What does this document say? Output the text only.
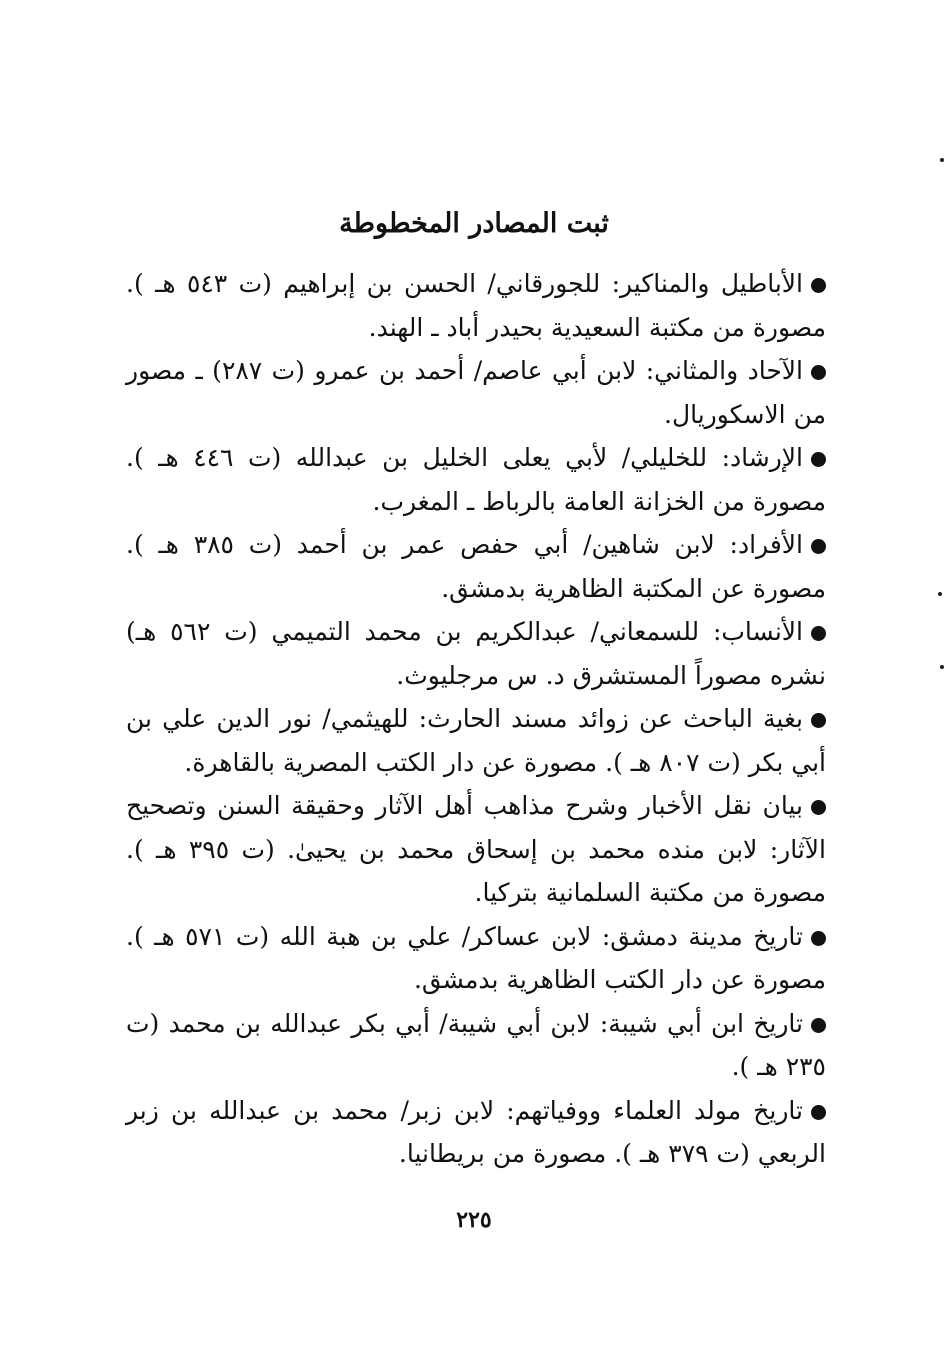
ثبت المصادر المخطوطة
الأباطيل والمناكير: للجورقاني/ الحسن بن إبراهيم (ت ٥٤٣ هـ ). مصورة من مكتبة السعيدية بحيدر أباد ـ الهند.
الآحاد والمثاني: لابن أبي عاصم/ أحمد بن عمرو (ت ٢٨٧) ـ مصور من الاسكوريال.
الإرشاد: للخليلي/ لأبي يعلى الخليل بن عبدالله (ت ٤٤٦ هـ ). مصورة من الخزانة العامة بالرباط ـ المغرب.
الأفراد: لابن شاهين/ أبي حفص عمر بن أحمد (ت ٣٨٥ هـ ). مصورة عن المكتبة الظاهرية بدمشق.
الأنساب: للسمعاني/ عبدالكريم بن محمد التميمي (ت ٥٦٢ هـ) نشره مصوراً المستشرق د. س مرجليوث.
بغية الباحث عن زوائد مسند الحارث: للهيثمي/ نور الدين علي بن أبي بكر (ت ٨٠٧ هـ ). مصورة عن دار الكتب المصرية بالقاهرة.
بيان نقل الأخبار وشرح مذاهب أهل الآثار وحقيقة السنن وتصحيح الآثار: لابن منده محمد بن إسحاق محمد بن يحيىٰ. (ت ٣٩٥ هـ ). مصورة من مكتبة السلمانية بتركيا.
تاريخ مدينة دمشق: لابن عساكر/ علي بن هبة الله (ت ٥٧١ هـ ). مصورة عن دار الكتب الظاهرية بدمشق.
تاريخ ابن أبي شيبة: لابن أبي شيبة/ أبي بكر عبدالله بن محمد (ت ٢٣٥ هـ ).
تاريخ مولد العلماء ووفياتهم: لابن زبر/ محمد بن عبدالله بن زبر الربعي (ت ٣٧٩ هـ ). مصورة من بريطانيا.
٢٢٥
